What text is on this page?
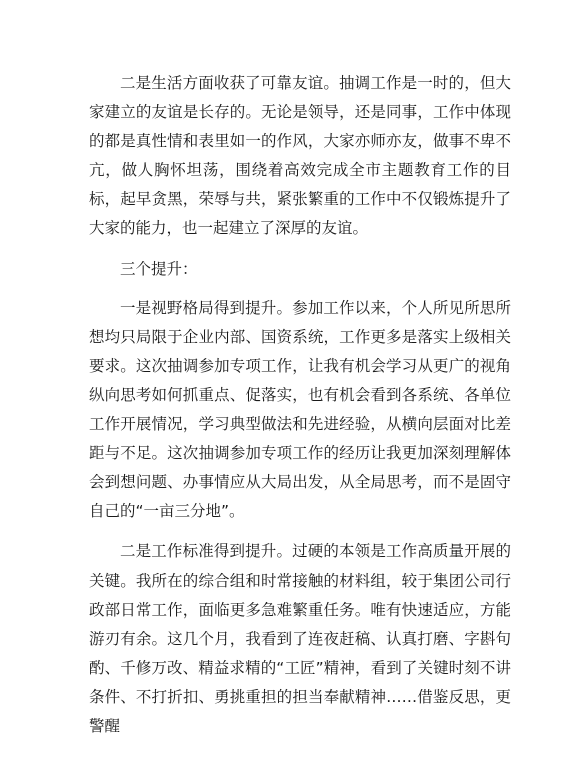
二是生活方面收获了可靠友谊。抽调工作是一时的，但大家建立的友谊是长存的。无论是领导，还是同事，工作中体现的都是真性情和表里如一的作风，大家亦师亦友，做事不卑不亢，做人胸怀坦荡，围绕着高效完成全市主题教育工作的目标，起早贪黑，荣辱与共，紧张繁重的工作中不仅锻炼提升了大家的能力，也一起建立了深厚的友谊。

三个提升：

一是视野格局得到提升。参加工作以来，个人所见所思所想均只局限于企业内部、国资系统，工作更多是落实上级相关要求。这次抽调参加专项工作，让我有机会学习从更广的视角纵向思考如何抓重点、促落实，也有机会看到各系统、各单位工作开展情况，学习典型做法和先进经验，从横向层面对比差距与不足。这次抽调参加专项工作的经历让我更加深刻理解体会到想问题、办事情应从大局出发，从全局思考，而不是固守自己的“一亩三分地”。

二是工作标准得到提升。过硬的本领是工作高质量开展的关键。我所在的综合组和时常接触的材料组，较于集团公司行政部日常工作，面临更多急难繁重任务。唯有快速适应，方能游刃有余。这几个月，我看到了连夜赶稿、认真打磨、字斟句酌、千修万改、精益求精的“工匠”精神，看到了关键时刻不讲条件、不打折扣、勇挑重担的担当奉献精神……借鉴反思，更警醒
